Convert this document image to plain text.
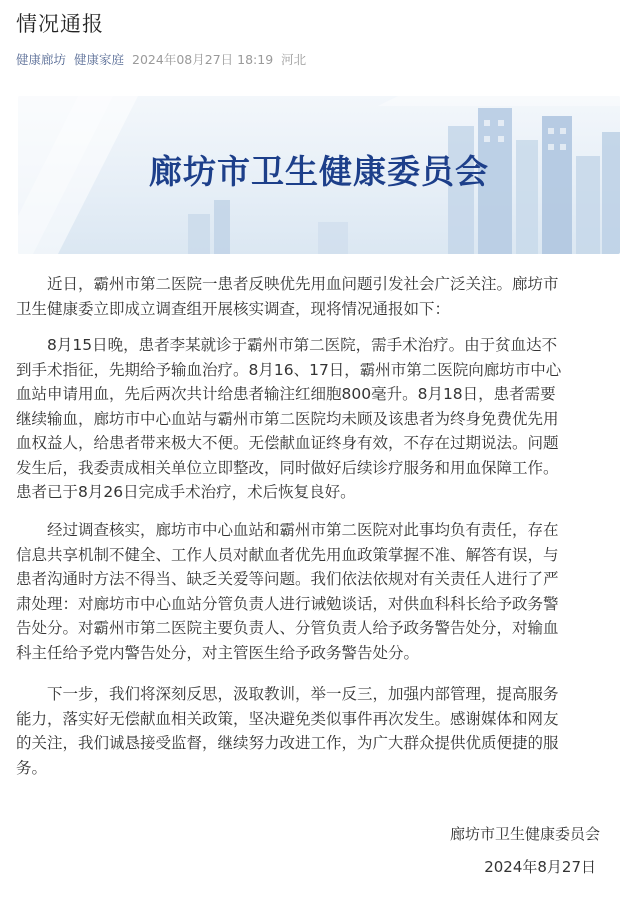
情况通报
健康廊坊 健康家庭 2024年08月27日 18:19 河北
廊坊市卫生健康委员会
　　近日，霸州市第二医院一患者反映优先用血问题引发社会广泛关注。廊坊市
卫生健康委立即成立调查组开展核实调查，现将情况通报如下：
　　8月15日晚，患者李某就诊于霸州市第二医院，需手术治疗。由于贫血达不
到手术指征，先期给予输血治疗。8月16、17日，霸州市第二医院向廊坊市中心
血站申请用血，先后两次共计给患者输注红细胞800毫升。8月18日，患者需要
继续输血，廊坊市中心血站与霸州市第二医院均未顾及该患者为终身免费优先用
血权益人，给患者带来极大不便。无偿献血证终身有效，不存在过期说法。问题
发生后，我委责成相关单位立即整改，同时做好后续诊疗服务和用血保障工作。
患者已于8月26日完成手术治疗，术后恢复良好。
　　经过调查核实，廊坊市中心血站和霸州市第二医院对此事均负有责任，存在
信息共享机制不健全、工作人员对献血者优先用血政策掌握不准、解答有误，与
患者沟通时方法不得当、缺乏关爱等问题。我们依法依规对有关责任人进行了严
肃处理：对廊坊市中心血站分管负责人进行诫勉谈话，对供血科科长给予政务警
告处分。对霸州市第二医院主要负责人、分管负责人给予政务警告处分，对输血
科主任给予党内警告处分，对主管医生给予政务警告处分。
　　下一步，我们将深刻反思，汲取教训，举一反三，加强内部管理，提高服务
能力，落实好无偿献血相关政策，坚决避免类似事件再次发生。感谢媒体和网友
的关注，我们诚恳接受监督，继续努力改进工作，为广大群众提供优质便捷的服
务。
廊坊市卫生健康委员会
2024年8月27日
